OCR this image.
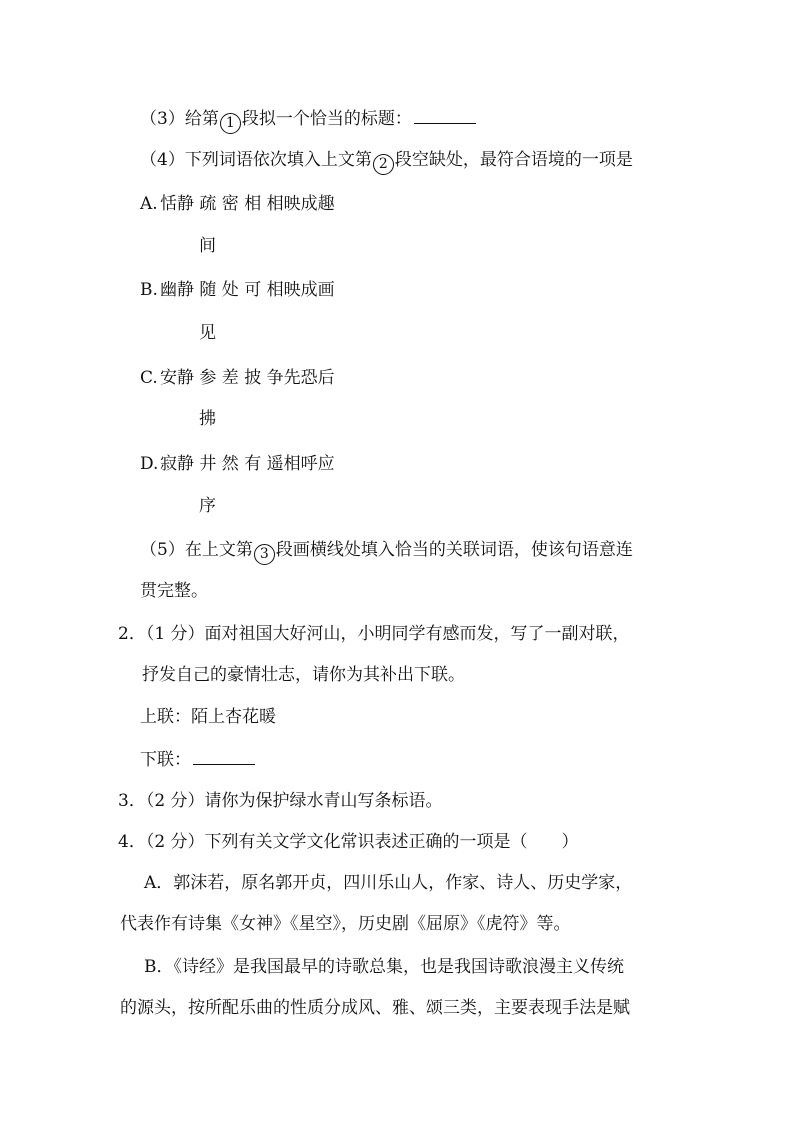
（3）给第 1 段拟一个恰当的标题：
（4）下列词语依次填入上文第 2 段空缺处，最符合语境的一项是
A. 恬静 疏 密 相 相映成趣
间
B. 幽静 随 处 可 相映成画
见
C. 安静 参 差 披 争先恐后
拂
D.寂静 井 然 有 遥相呼应
序
（5）在上文第 3 段画横线处填入恰当的关联词语，使该句语意连
贯完整。
2．（1 分）面对祖国大好河山，小明同学有感而发，写了一副对联，
抒发自己的豪情壮志，请你为其补出下联。
上联：陌上杏花暖
下联：
3．（2 分）请你为保护绿水青山写条标语。
4．（2 分）下列有关文学文化常识表述正确的一项是（　　）
A．郭沫若，原名郭开贞，四川乐山人，作家、诗人、历史学家，
代表作有诗集《女神》《星空》，历史剧《屈原》《虎符》等。
B．《诗经》是我国最早的诗歌总集，也是我国诗歌浪漫主义传统
的源头，按所配乐曲的性质分成风、雅、颂三类，主要表现手法是赋
